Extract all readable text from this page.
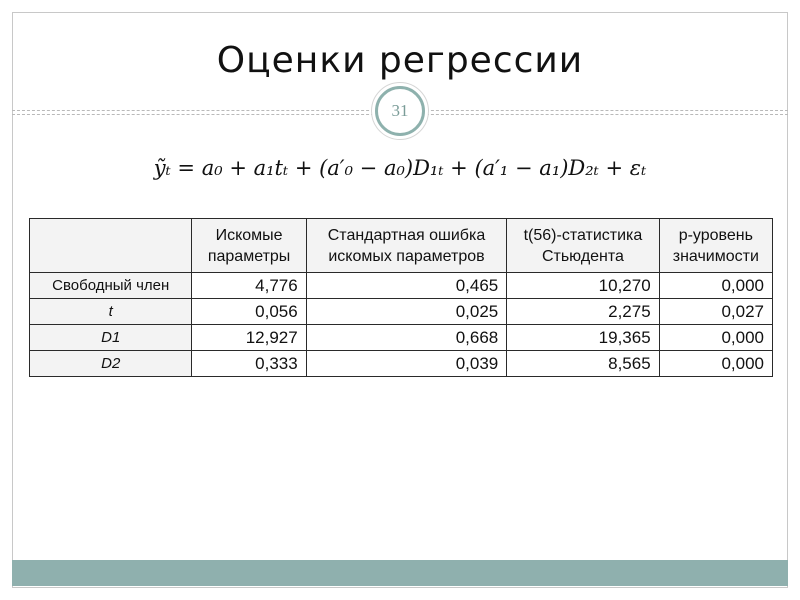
Оценки регрессии
31
ỹₜ = a₀ + a₁tₜ + (a′₀ − a₀)D₁ₜ + (a′₁ − a₁)D₂ₜ + εₜ
	Искомые параметры	Стандартная ошибка искомых параметров	t(56)-статистика Стьюдента	p-уровень значимости
Свободный член	4,776	0,465	10,270	0,000
t	0,056	0,025	2,275	0,027
D1	12,927	0,668	19,365	0,000
D2	0,333	0,039	8,565	0,000
